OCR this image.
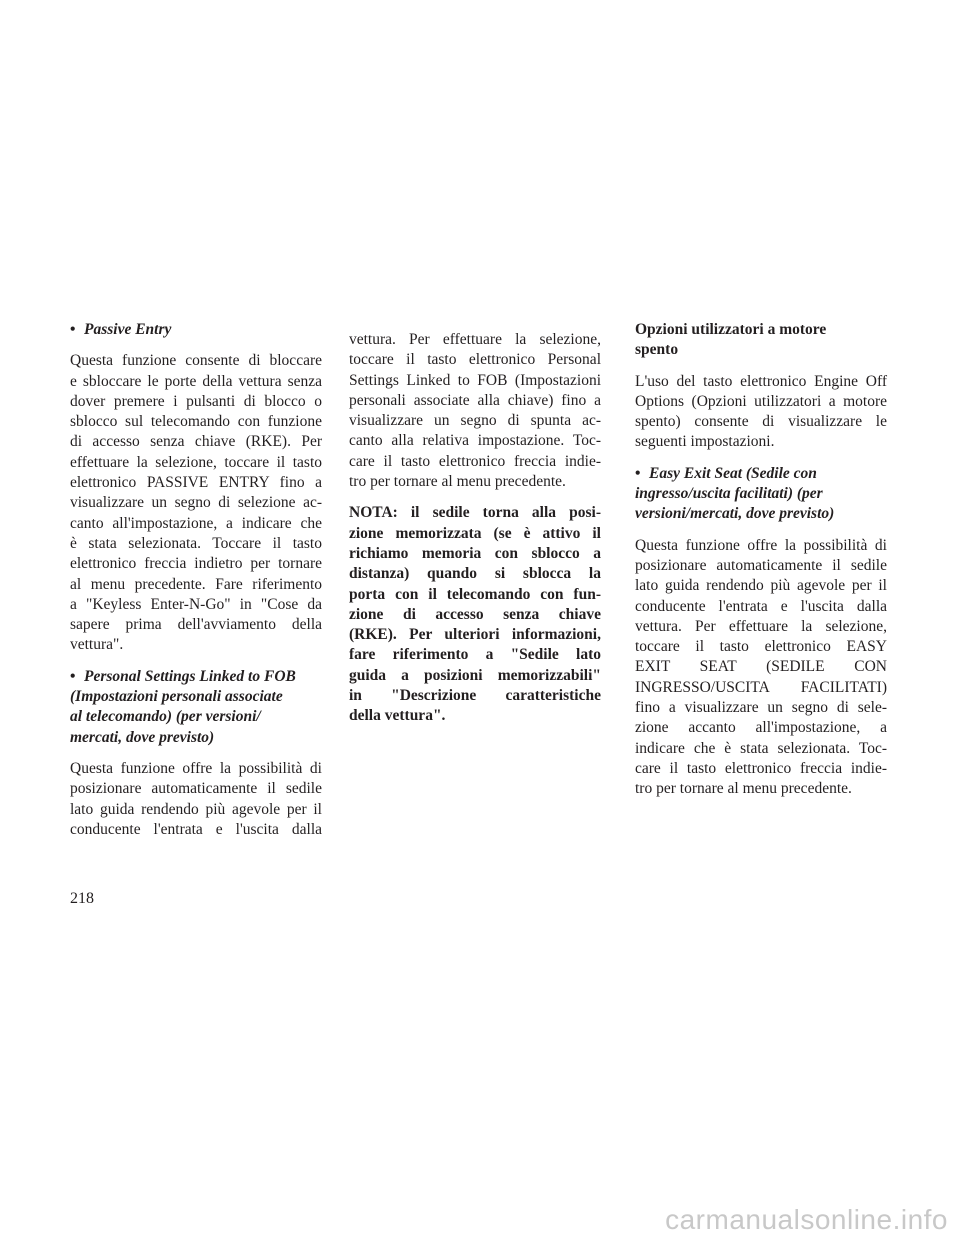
• Passive Entry
Questa funzione consente di bloccare
e sbloccare le porte della vettura senza
dover premere i pulsanti di blocco o
sblocco sul telecomando con funzione
di accesso senza chiave (RKE). Per
effettuare la selezione, toccare il tasto
elettronico PASSIVE ENTRY fino a
visualizzare un segno di selezione ac-
canto all'impostazione, a indicare che
è stata selezionata. Toccare il tasto
elettronico freccia indietro per tornare
al menu precedente. Fare riferimento
a "Keyless Enter-N-Go" in "Cose da
sapere prima dell'avviamento della
vettura".
• Personal Settings Linked to FOB
(Impostazioni personali associate
al telecomando) (per versioni/
mercati, dove previsto)
Questa funzione offre la possibilità di
posizionare automaticamente il sedile
lato guida rendendo più agevole per il
conducente l'entrata e l'uscita dalla
vettura. Per effettuare la selezione,
toccare il tasto elettronico Personal
Settings Linked to FOB (Impostazioni
personali associate alla chiave) fino a
visualizzare un segno di spunta ac-
canto alla relativa impostazione. Toc-
care il tasto elettronico freccia indie-
tro per tornare al menu precedente.
NOTA: il sedile torna alla posi-
zione memorizzata (se è attivo il
richiamo memoria con sblocco a
distanza) quando si sblocca la
porta con il telecomando con fun-
zione di accesso senza chiave
(RKE). Per ulteriori informazioni,
fare riferimento a "Sedile lato
guida a posizioni memorizzabili"
in "Descrizione caratteristiche
della vettura".
Opzioni utilizzatori a motore
spento
L'uso del tasto elettronico Engine Off
Options (Opzioni utilizzatori a motore
spento) consente di visualizzare le
seguenti impostazioni.
• Easy Exit Seat (Sedile con
ingresso/uscita facilitati) (per
versioni/mercati, dove previsto)
Questa funzione offre la possibilità di
posizionare automaticamente il sedile
lato guida rendendo più agevole per il
conducente l'entrata e l'uscita dalla
vettura. Per effettuare la selezione,
toccare il tasto elettronico EASY
EXIT SEAT (SEDILE CON
INGRESSO/USCITA FACILITATI)
fino a visualizzare un segno di sele-
zione accanto all'impostazione, a
indicare che è stata selezionata. Toc-
care il tasto elettronico freccia indie-
tro per tornare al menu precedente.
218
carmanualsonline.info
